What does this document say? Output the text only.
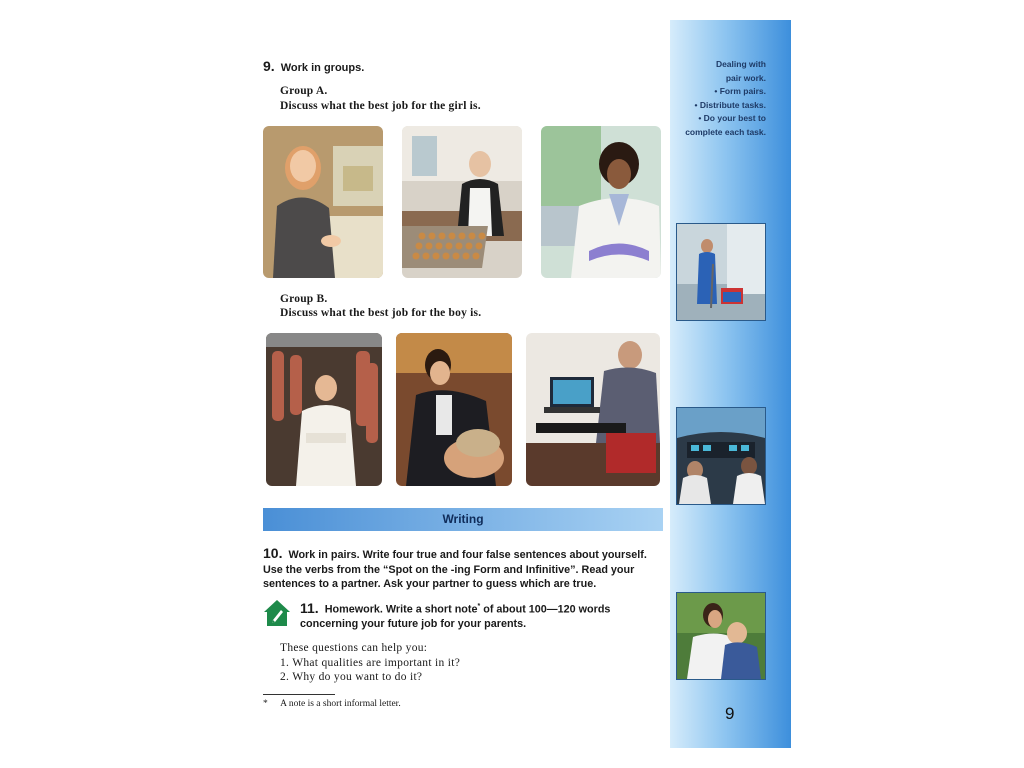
9. Work in groups.
Group A.
Discuss what the best job for the girl is.
Group B.
Discuss what the best job for the boy is.
Writing
10. Work in pairs. Write four true and four false sentences about yourself. Use the verbs from the “Spot on the -ing Form and Infinitive”. Read your sentences to a partner. Ask your partner to guess which are true.
11. Homework. Write a short note* of about 100—120 words concerning your future job for your parents.
These questions can help you:
1. What qualities are important in it?
2. Why do you want to do it?
* A note is a short informal letter.
Dealing with
pair work.
• Form pairs.
• Distribute tasks.
• Do your best to
complete each task.
9
